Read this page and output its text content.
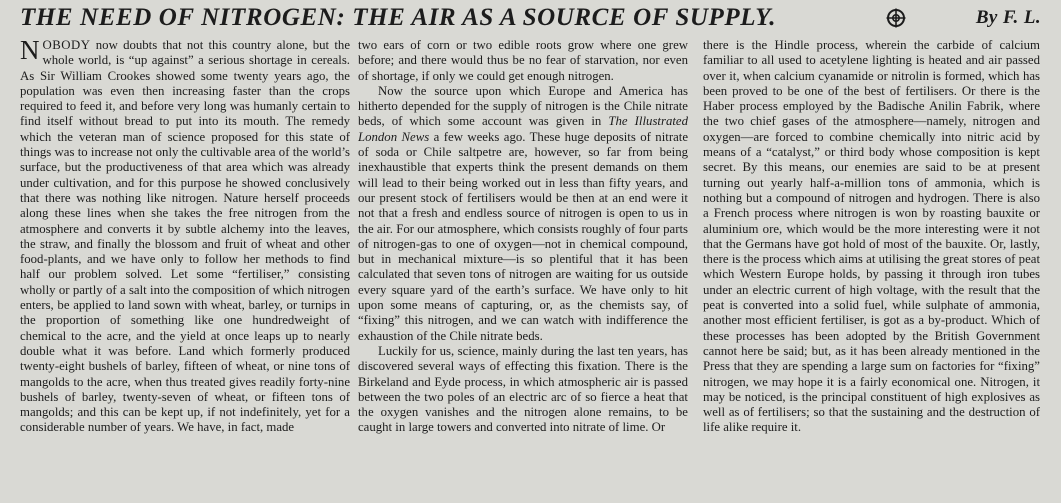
THE NEED OF NITROGEN: THE AIR AS A SOURCE OF SUPPLY.	By F. L.

NOBODY now doubts that not this country alone, but the whole world, is “up against” a serious shortage in cereals. As Sir William Crookes showed some twenty years ago, the population was even then increasing faster than the crops required to feed it, and before very long was humanly certain to find itself without bread to put into its mouth. The remedy which the veteran man of science proposed for this state of things was to increase not only the cultivable area of the world’s surface, but the productiveness of that area which was already under cultivation, and for this purpose he showed conclusively that there was nothing like nitrogen. Nature herself proceeds along these lines when she takes the free nitrogen from the atmosphere and converts it by subtle alchemy into the leaves, the straw, and finally the blossom and fruit of wheat and other food-plants, and we have only to follow her methods to find half our problem solved. Let some “fertiliser,” consisting wholly or partly of a salt into the composition of which nitrogen enters, be applied to land sown with wheat, barley, or turnips in the proportion of something like one hundredweight of chemical to the acre, and the yield at once leaps up to nearly double what it was before. Land which formerly produced twenty-eight bushels of barley, fifteen of wheat, or nine tons of mangolds to the acre, when thus treated gives readily forty-nine bushels of barley, twenty-seven of wheat, or fifteen tons of mangolds; and this can be kept up, if not indefinitely, yet for a considerable number of years. We have, in fact, made

two ears of corn or two edible roots grow where one grew before; and there would thus be no fear of starvation, nor even of shortage, if only we could get enough nitrogen.

Now the source upon which Europe and America has hitherto depended for the supply of nitrogen is the Chile nitrate beds, of which some account was given in The Illustrated London News a few weeks ago. These huge deposits of nitrate of soda or Chile saltpetre are, however, so far from being inexhaustible that experts think the present demands on them will lead to their being worked out in less than fifty years, and our present stock of fertilisers would be then at an end were it not that a fresh and endless source of nitrogen is open to us in the air. For our atmosphere, which consists roughly of four parts of nitrogen-gas to one of oxygen—not in chemical compound, but in mechanical mixture—is so plentiful that it has been calculated that seven tons of nitrogen are waiting for us outside every square yard of the earth’s surface. We have only to hit upon some means of capturing, or, as the chemists say, of “fixing” this nitrogen, and we can watch with indifference the exhaustion of the Chile nitrate beds.

Luckily for us, science, mainly during the last ten years, has discovered several ways of effecting this fixation. There is the Birkeland and Eyde process, in which atmospheric air is passed between the two poles of an electric arc of so fierce a heat that the oxygen vanishes and the nitrogen alone remains, to be caught in large towers and converted into nitrate of lime. Or

there is the Hindle process, wherein the carbide of calcium familiar to all used to acetylene lighting is heated and air passed over it, when calcium cyanamide or nitrolin is formed, which has been proved to be one of the best of fertilisers. Or there is the Haber process employed by the Badische Anilin Fabrik, where the two chief gases of the atmosphere—namely, nitrogen and oxygen—are forced to combine chemically into nitric acid by means of a “catalyst,” or third body whose composition is kept secret. By this means, our enemies are said to be at present turning out yearly half-a-million tons of ammonia, which is nothing but a compound of nitrogen and hydrogen. There is also a French process where nitrogen is won by roasting bauxite or aluminium ore, which would be the more interesting were it not that the Germans have got hold of most of the bauxite. Or, lastly, there is the process which aims at utilising the great stores of peat which Western Europe holds, by passing it through iron tubes under an electric current of high voltage, with the result that the peat is converted into a solid fuel, while sulphate of ammonia, another most efficient fertiliser, is got as a by-product. Which of these processes has been adopted by the British Government cannot here be said; but, as it has been already mentioned in the Press that they are spending a large sum on factories for “fixing” nitrogen, we may hope it is a fairly economical one. Nitrogen, it may be noticed, is the principal constituent of high explosives as well as of fertilisers; so that the sustaining and the destruction of life alike require it.
